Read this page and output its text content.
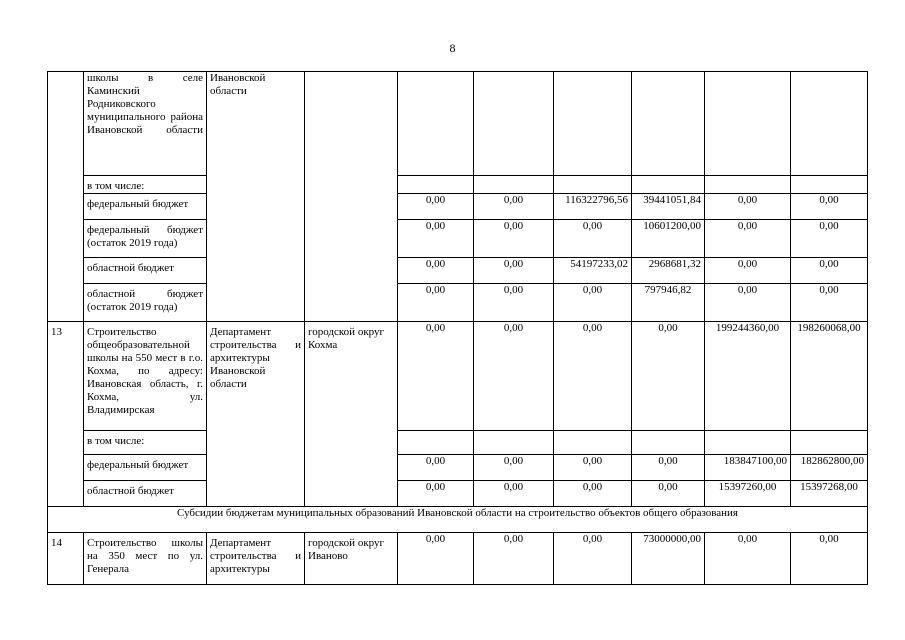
8
	школы в селе Каминский Родниковского муниципального района Ивановской области	Ивановской области							
	в том числе:								
	федеральный бюджет			0,00	0,00	116322796,56	39441051,84	0,00	0,00
	федеральный бюджет (остаток 2019 года)			0,00	0,00	0,00	10601200,00	0,00	0,00
	областной бюджет			0,00	0,00	54197233,02	2968681,32	0,00	0,00
	областной бюджет (остаток 2019 года)			0,00	0,00	0,00	797946,82	0,00	0,00
13	Строительство общеобразовательной школы на 550 мест в г.о. Кохма, по адресу: Ивановская область, г. Кохма, ул. Владимирская	Департамент строительства и архитектуры Ивановской области	городской округ Кохма	0,00	0,00	0,00	0,00	199244360,00	198260068,00
	в том числе:								
	федеральный бюджет			0,00	0,00	0,00	0,00	183847100,00	182862800,00
	областной бюджет			0,00	0,00	0,00	0,00	15397260,00	15397268,00
Субсидии бюджетам муниципальных образований Ивановской области на строительство объектов общего образования									
14	Строительство школы на 350 мест по ул. Генерала	Департамент строительства и архитектуры	городской округ Иваново	0,00	0,00	0,00	73000000,00	0,00	0,00
